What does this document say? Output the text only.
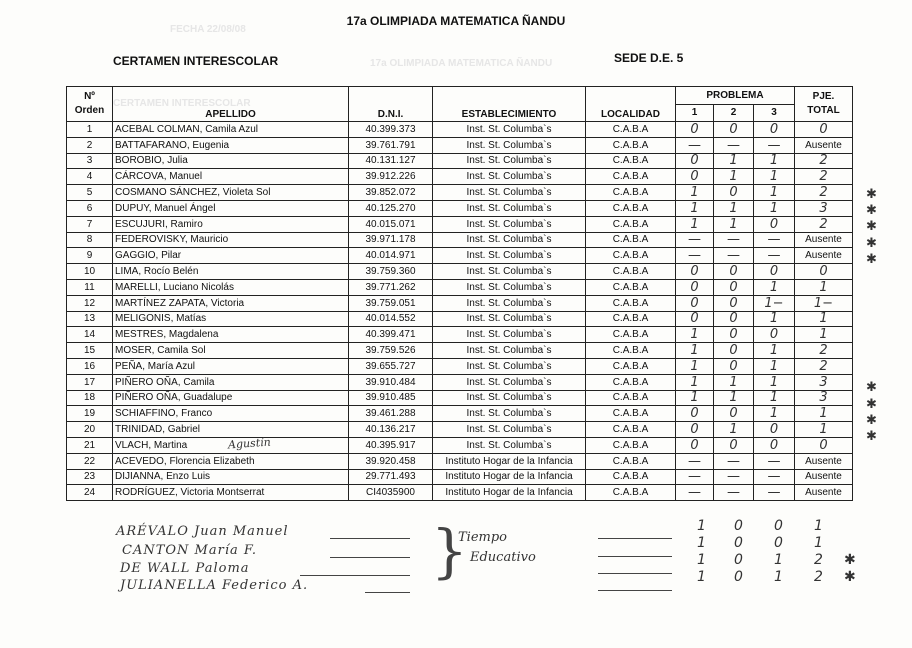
FECHA 22/08/08
17a OLIMPIADA MATEMATICA ÑANDU
CERTAMEN INTERESCOLAR
17a OLIMPIADA MATEMATICA ÑANDU
CERTAMEN INTERESCOLAR	SEDE D.E. 5
Nº Orden	APELLIDO	D.N.I.	ESTABLECIMIENTO	LOCALIDAD	PROBLEMA			PJE.
TOTAL
					1	2	3	
1	ACEBAL COLMAN, Camila Azul	40.399.373	Inst. St. Columba`s	C.A.B.A	0	0	0	0
2	BATTAFARANO, Eugenia	39.761.791	Inst. St. Columba`s	C.A.B.A	—	—	—	Ausente
3	BOROBIO, Julia	40.131.127	Inst. St. Columba`s	C.A.B.A	0	1	1	2
4	CÁRCOVA, Manuel	39.912.226	Inst. St. Columba`s	C.A.B.A	0	1	1	2
5	COSMANO SÁNCHEZ, Violeta Sol	39.852.072	Inst. St. Columba`s	C.A.B.A	1	0	1	2
6	DUPUY, Manuel Ángel	40.125.270	Inst. St. Columba`s	C.A.B.A	1	1	1	3
7	ESCUJURI, Ramiro	40.015.071	Inst. St. Columba`s	C.A.B.A	1	1	0	2
8	FEDEROVISKY, Mauricio	39.971.178	Inst. St. Columba`s	C.A.B.A	—	—	—	Ausente
9	GAGGIO, Pilar	40.014.971	Inst. St. Columba`s	C.A.B.A	—	—	—	Ausente
10	LIMA, Rocío Belén	39.759.360	Inst. St. Columba`s	C.A.B.A	0	0	0	0
11	MARELLI, Luciano Nicolás	39.771.262	Inst. St. Columba`s	C.A.B.A	0	0	1	1
12	MARTÍNEZ ZAPATA, Victoria	39.759.051	Inst. St. Columba`s	C.A.B.A	0	0	1−	1−
13	MELIGONIS, Matías	40.014.552	Inst. St. Columba`s	C.A.B.A	0	0	1	1
14	MESTRES, Magdalena	40.399.471	Inst. St. Columba`s	C.A.B.A	1	0	0	1
15	MOSER, Camila Sol	39.759.526	Inst. St. Columba`s	C.A.B.A	1	0	1	2
16	PEÑA, María Azul	39.655.727	Inst. St. Columba`s	C.A.B.A	1	0	1	2
17	PIÑERO OÑA, Camila	39.910.484	Inst. St. Columba`s	C.A.B.A	1	1	1	3
18	PIÑERO OÑA, Guadalupe	39.910.485	Inst. St. Columba`s	C.A.B.A	1	1	1	3
19	SCHIAFFINO, Franco	39.461.288	Inst. St. Columba`s	C.A.B.A	0	0	1	1
20	TRINIDAD, Gabriel	40.136.217	Inst. St. Columba`s	C.A.B.A	0	1	0	1
21	VLACH, Martina	40.395.917	Inst. St. Columba`s	C.A.B.A	0	0	0	0
22	ACEVEDO, Florencia Elizabeth	39.920.458	Instituto Hogar de la Infancia	C.A.B.A	—	—	—	Ausente
23	DIJIANNA, Enzo Luis	29.771.493	Instituto Hogar de la Infancia	C.A.B.A	—	—	—	Ausente
24	RODRÍGUEZ, Victoria Montserrat	CI4035900	Instituto Hogar de la Infancia	C.A.B.A	—	—	—	Ausente
✱
✱
✱
✱
✱
✱
✱
✱
✱
Agustín
ARÉVALO Juan Manuel
CANTON María F.
DE WALL Paloma
JULIANELLA Federico A.
}
Tiempo
Educativo
1 0 0 1
1 0 0 1
1 0 1 2 ✱
1 0 1 2 ✱
